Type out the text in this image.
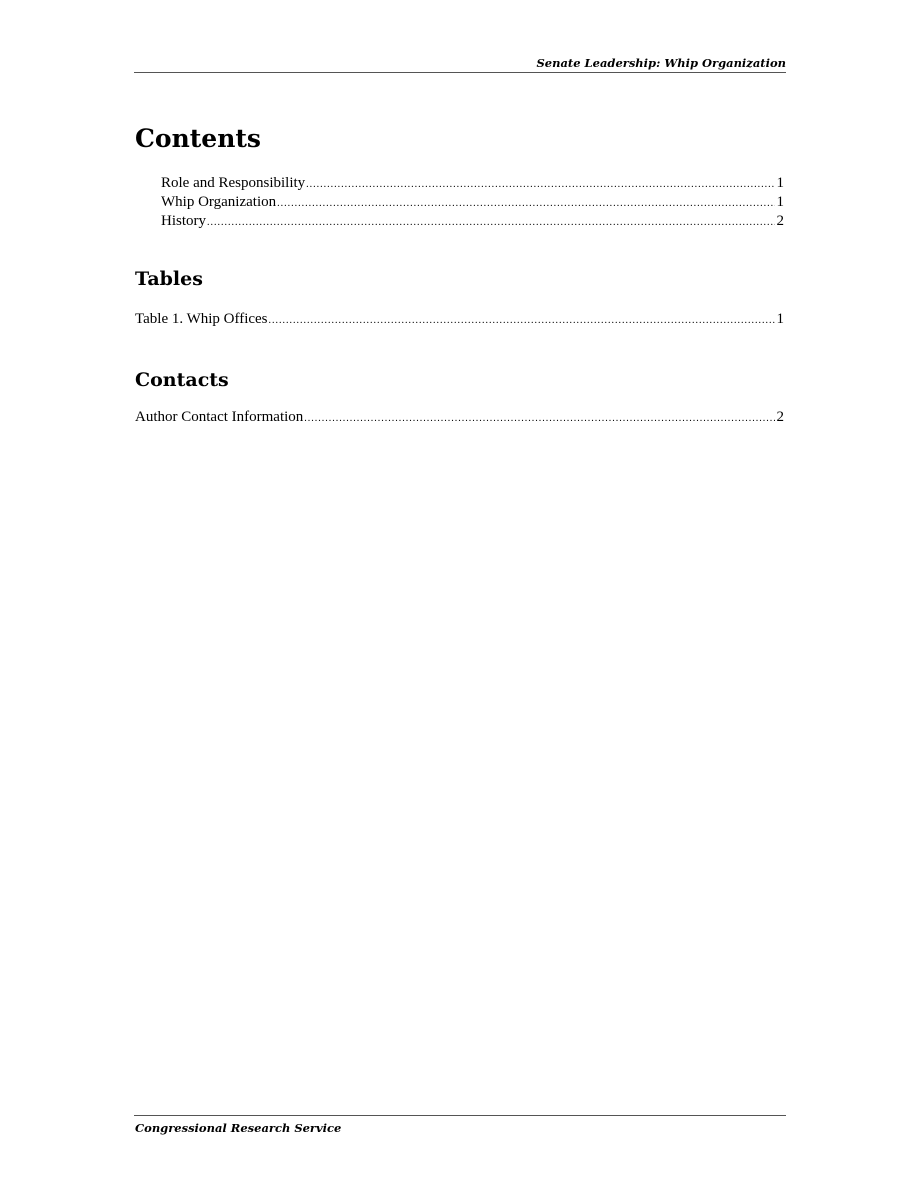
Senate Leadership: Whip Organization
Contents
Role and Responsibility .....	1
Whip Organization .....	1
History .....	2
Tables
Table 1. Whip Offices .....	1
Contacts
Author Contact Information .....	2
Congressional Research Service
